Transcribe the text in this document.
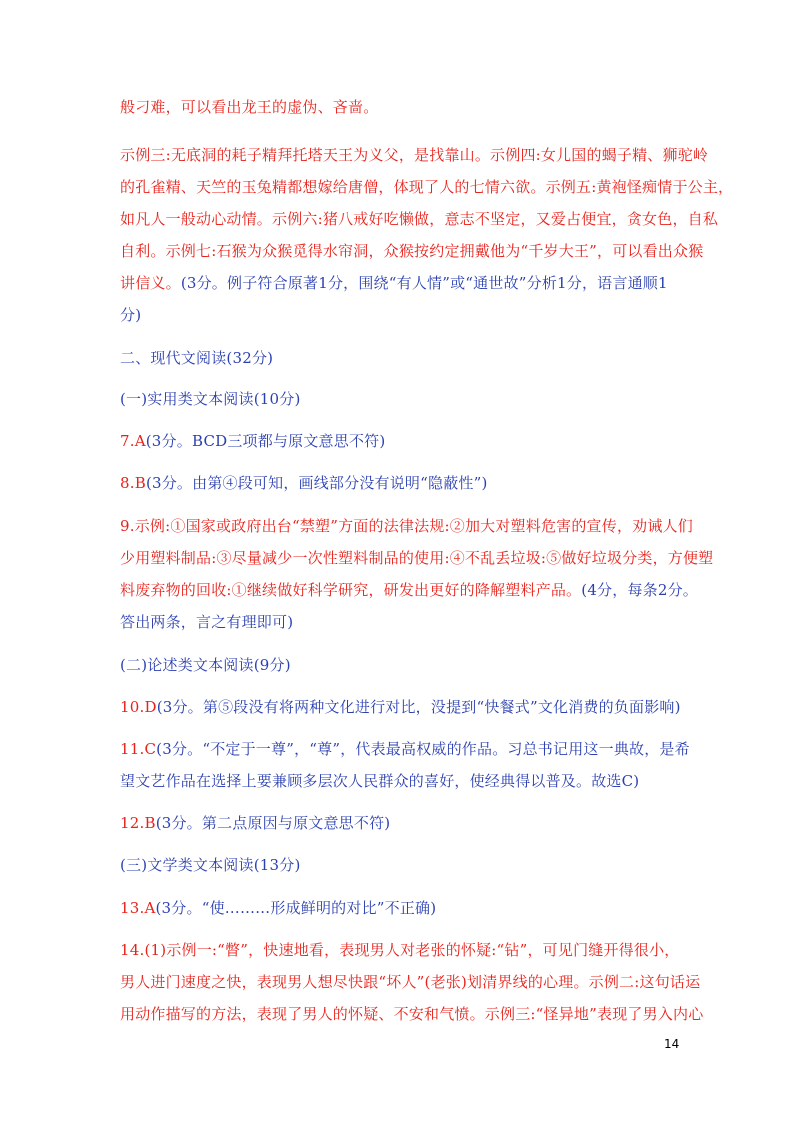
般刁难，可以看出龙王的虚伪、吝啬。
示例三:无底洞的耗子精拜托塔天王为义父，是找靠山。示例四:女儿国的蝎子精、狮驼岭
的孔雀精、天竺的玉兔精都想嫁给唐僧，体现了人的七情六欲。示例五:黄袍怪痴情于公主，
如凡人一般动心动情。示例六:猪八戒好吃懒做，意志不坚定，又爱占便宜，贪女色，自私
自利。示例七:石猴为众猴觅得水帘洞，众猴按约定拥戴他为“千岁大王”，可以看出众猴
讲信义。(3分。例子符合原著1分，围绕“有人情”或“通世故”分析1分，语言通顺1
分)
二、现代文阅读(32分)
(一)实用类文本阅读(10分)
7.A(3分。BCD三项都与原文意思不符)
8.B(3分。由第④段可知，画线部分没有说明“隐蔽性”)
9.示例:①国家或政府出台“禁塑”方面的法律法规:②加大对塑料危害的宣传，劝诫人们
少用塑料制品:③尽量减少一次性塑料制品的使用:④不乱丢垃圾:⑤做好垃圾分类，方便塑
料废弃物的回收:①继续做好科学研究，研发出更好的降解塑料产品。(4分，每条2分。
答出两条，言之有理即可)
(二)论述类文本阅读(9分)
10.D(3分。第⑤段没有将两种文化进行对比，没提到“快餐式”文化消费的负面影响)
11.C(3分。“不定于一尊”，“尊”，代表最高权威的作品。习总书记用这一典故，是希
望文艺作品在选择上要兼顾多层次人民群众的喜好，使经典得以普及。故选C)
12.B(3分。第二点原因与原文意思不符)
(三)文学类文本阅读(13分)
13.A(3分。“使………形成鲜明的对比”不正确)
14.(1)示例一:“瞥”，快速地看，表现男人对老张的怀疑:“钻”，可见门缝开得很小，
男人进门速度之快，表现男人想尽快跟“坏人”(老张)划清界线的心理。示例二:这句话运
用动作描写的方法，表现了男人的怀疑、不安和气愤。示例三:“怪异地”表现了男入内心
14
